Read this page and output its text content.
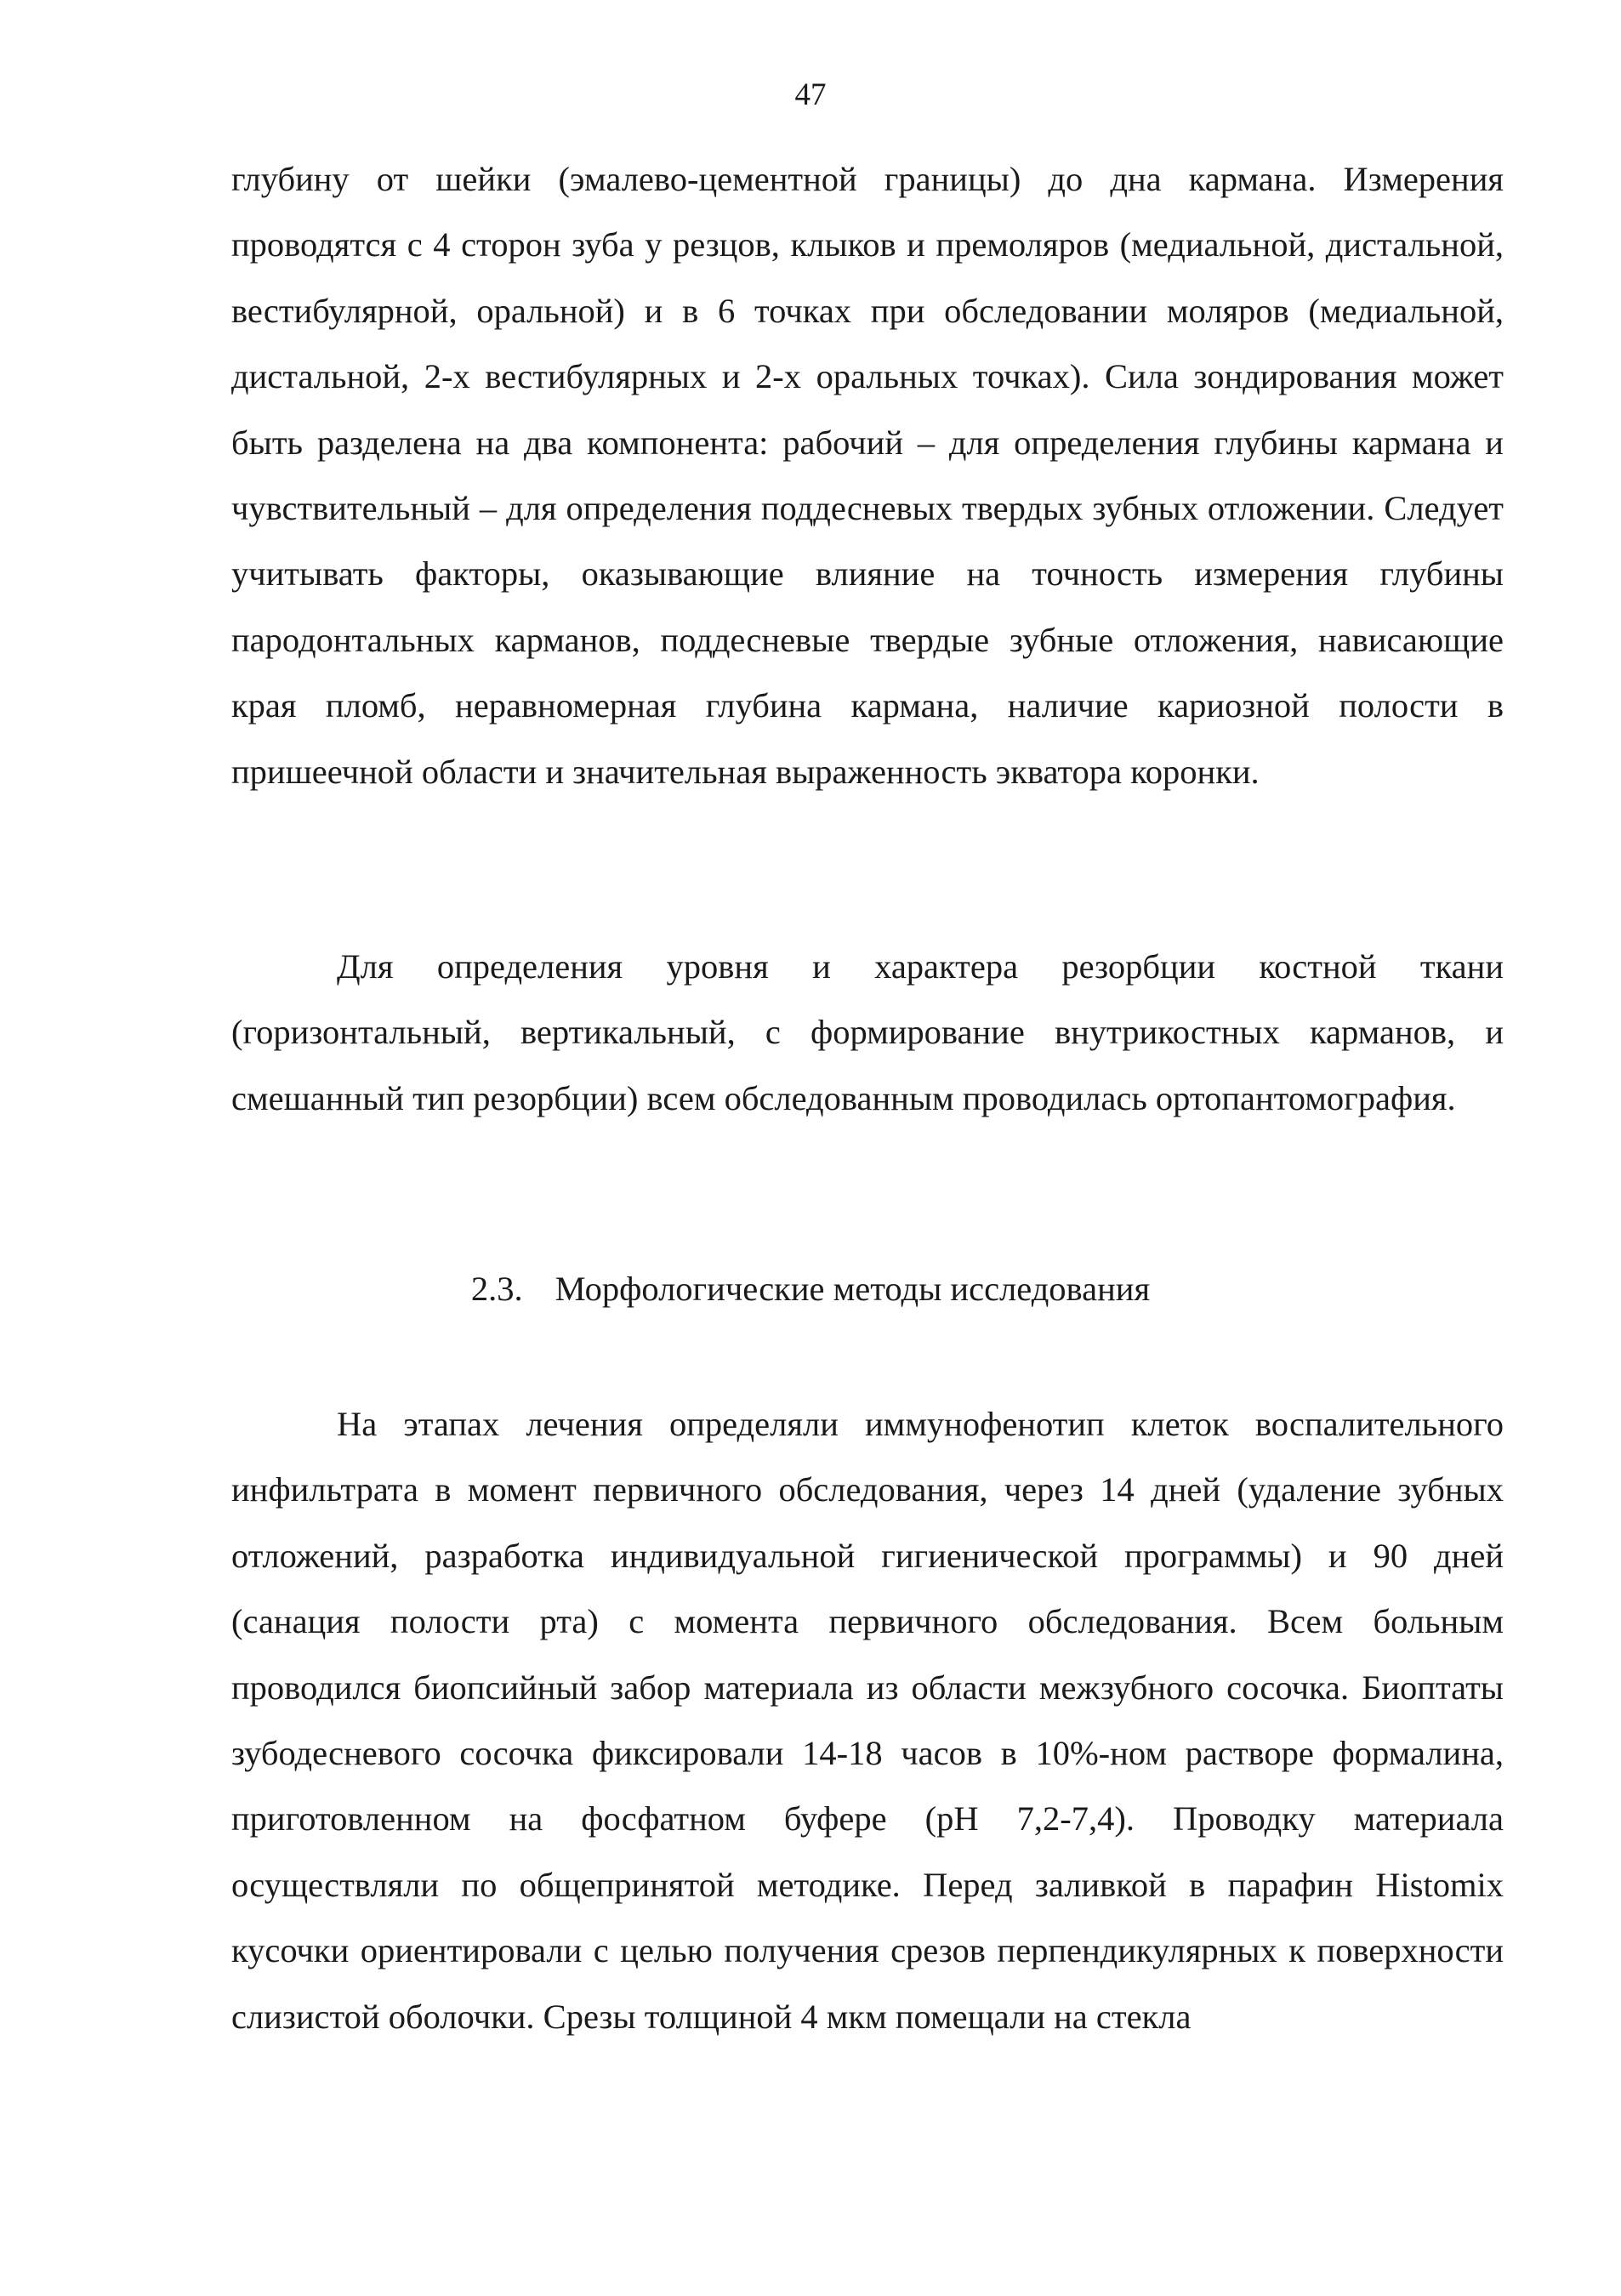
47

глубину от шейки (эмалево-цементной границы) до дна кармана. Измерения проводятся с 4 сторон зуба у резцов, клыков и премоляров (медиальной, дистальной, вестибулярной, оральной) и в 6 точках при обследовании моляров (медиальной, дистальной, 2-х вестибулярных и 2-х оральных точках). Сила зондирования может быть разделена на два компонента: рабочий – для определения глубины кармана и чувствительный – для определения поддесневых твердых зубных отложении. Следует учитывать факторы, оказывающие влияние на точность измерения глубины пародонтальных карманов, поддесневые твердые зубные отложения, нависающие края пломб, неравномерная глубина кармана, наличие кариозной полости в пришеечной области и значительная выраженность экватора коронки.

Для определения уровня и характера резорбции костной ткани (горизонтальный, вертикальный, с формирование внутрикостных карманов, и смешанный тип резорбции) всем обследованным проводилась ортопантомография.

2.3. Морфологические методы исследования

На этапах лечения определяли иммунофенотип клеток воспалительного инфильтрата в момент первичного обследования, через 14 дней (удаление зубных отложений, разработка индивидуальной гигиенической программы) и 90 дней (санация полости рта) с момента первичного обследования. Всем больным проводился биопсийный забор материала из области межзубного сосочка. Биоптаты зубодесневого сосочка фиксировали 14-18 часов в 10%-ном растворе формалина, приготовленном на фосфатном буфере (pH 7,2-7,4). Проводку материала осуществляли по общепринятой методике. Перед заливкой в парафин Histomix кусочки ориентировали с целью получения срезов перпендикулярных к поверхности слизистой оболочки. Срезы толщиной 4 мкм помещали на стекла
